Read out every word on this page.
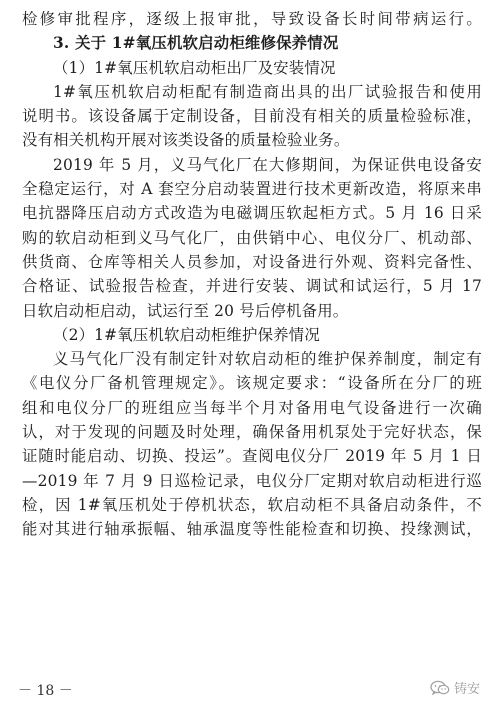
检修审批程序，逐级上报审批，导致设备长时间带病运行。
3. 关于 1#氧压机软启动柜维修保养情况
（1）1#氧压机软启动柜出厂及安装情况
1#氧压机软启动柜配有制造商出具的出厂试验报告和使用
说明书。该设备属于定制设备，目前没有相关的质量检验标准，
没有相关机构开展对该类设备的质量检验业务。
2019 年 5 月，义马气化厂在大修期间，为保证供电设备安
全稳定运行，对 A 套空分启动装置进行技术更新改造，将原来串
电抗器降压启动方式改造为电磁调压软起柜方式。5 月 16 日采
购的软启动柜到义马气化厂，由供销中心、电仪分厂、机动部、
供货商、仓库等相关人员参加，对设备进行外观、资料完备性、
合格证、试验报告检查，并进行安装、调试和试运行，5 月 17
日软启动柜启动，试运行至 20 号后停机备用。
（2）1#氧压机软启动柜维护保养情况
义马气化厂没有制定针对软启动柜的维护保养制度，制定有
《电仪分厂备机管理规定》。该规定要求：“设备所在分厂的班
组和电仪分厂的班组应当每半个月对备用电气设备进行一次确
认，对于发现的问题及时处理，确保备用机泵处于完好状态，保
证随时能启动、切换、投运”。查阅电仪分厂 2019 年 5 月 1 日
—2019 年 7 月 9 日巡检记录，电仪分厂定期对软启动柜进行巡
检，因 1#氧压机处于停机状态，软启动柜不具备启动条件，不
能对其进行轴承振幅、轴承温度等性能检查和切换、投缘测试，
－ 18 －	铸安
